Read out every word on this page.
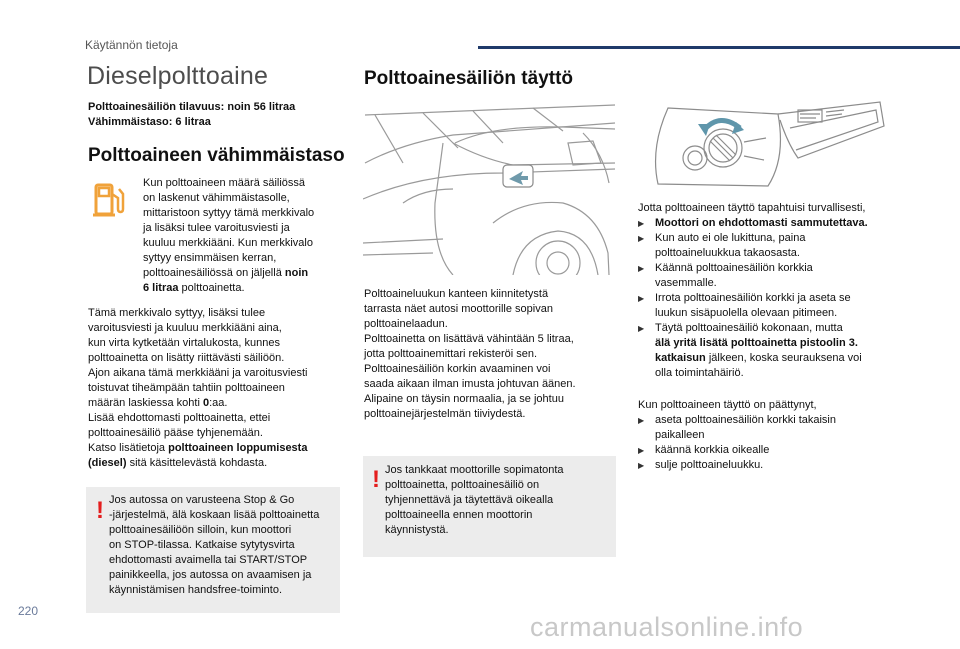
Käytännön tietoja
Dieselpolttoaine
Polttoainesäiliön tilavuus: noin 56 litraa
Vähimmäistaso: 6 litraa
Polttoaineen vähimmäistaso
Kun polttoaineen määrä säiliössä
on laskenut vähimmäistasolle,
mittaristoon syttyy tämä merkkivalo
ja lisäksi tulee varoitusviesti ja
kuuluu merkkiääni. Kun merkkivalo
syttyy ensimmäisen kerran,
polttoainesäiliössä on jäljellä noin
6 litraa polttoainetta.
Tämä merkkivalo syttyy, lisäksi tulee
varoitusviesti ja kuuluu merkkiääni aina,
kun virta kytketään virtalukosta, kunnes
polttoainetta on lisätty riittävästi säiliöön.
Ajon aikana tämä merkkiääni ja varoitusviesti
toistuvat tiheämpään tahtiin polttoaineen
määrän laskiessa kohti 0:aa.
Lisää ehdottomasti polttoainetta, ettei
polttoainesäiliö pääse tyhjenemään.
Katso lisätietoja polttoaineen loppumisesta
(diesel) sitä käsittelevästä kohdasta.
! Jos autossa on varusteena Stop & Go
-järjestelmä, älä koskaan lisää polttoainetta
polttoainesäiliöön silloin, kun moottori
on STOP-tilassa. Katkaise sytytysvirta
ehdottomasti avaimella tai START/STOP
painikkeella, jos autossa on avaamisen ja
käynnistämisen handsfree-toiminto.
Polttoainesäiliön täyttö
Polttoaineluukun kanteen kiinnitetystä
tarrasta näet autosi moottorille sopivan
polttoainelaadun.
Polttoainetta on lisättävä vähintään 5 litraa,
jotta polttoainemittari rekisteröi sen.
Polttoainesäiliön korkin avaaminen voi
saada aikaan ilman imusta johtuvan äänen.
Alipaine on täysin normaalia, ja se johtuu
polttoainejärjestelmän tiiviydestä.
! Jos tankkaat moottorille sopimatonta
polttoainetta, polttoainesäiliö on
tyhjennettävä ja täytettävä oikealla
polttoaineella ennen moottorin
käynnistystä.
Jotta polttoaineen täyttö tapahtuisi turvallisesti,
▶ Moottori on ehdottomasti sammutettava.
▶ Kun auto ei ole lukittuna, paina
polttoaineluukkua takaosasta.
▶ Käännä polttoainesäiliön korkkia
vasemmalle.
▶ Irrota polttoainesäiliön korkki ja aseta se
luukun sisäpuolella olevaan pitimeen.
▶ Täytä polttoainesäiliö kokonaan, mutta
älä yritä lisätä polttoainetta pistoolin 3.
katkaisun jälkeen, koska seurauksena voi
olla toimintahäiriö.
Kun polttoaineen täyttö on päättynyt,
▶ aseta polttoainesäiliön korkki takaisin
paikalleen
▶ käännä korkkia oikealle
▶ sulje polttoaineluukku.
220
carmanualsonline.info
